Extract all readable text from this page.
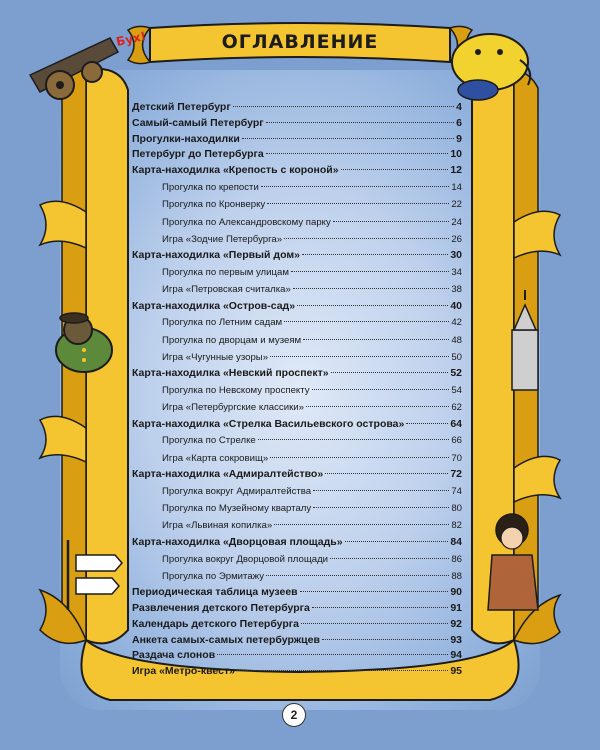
ОГЛАВЛЕНИЕ
Бух!
Детский Петербург	4
Самый-самый Петербург	6
Прогулки-находилки	9
Петербург до Петербурга	10
Карта-находилка «Крепость с короной»	12
Прогулка по крепости	14
Прогулка по Кронверку	22
Прогулка по Александровскому парку	24
Игра «Зодчие Петербурга»	26
Карта-находилка «Первый дом»	30
Прогулка по первым улицам	34
Игра «Петровская считалка»	38
Карта-находилка «Остров-сад»	40
Прогулка по Летним садам	42
Прогулка по дворцам и музеям	48
Игра «Чугунные узоры»	50
Карта-находилка «Невский проспект»	52
Прогулка по Невскому проспекту	54
Игра «Петербургские классики»	62
Карта-находилка «Стрелка Васильевского острова»	64
Прогулка по Стрелке	66
Игра «Карта сокровищ»	70
Карта-находилка «Адмиралтейство»	72
Прогулка вокруг Адмиралтейства	74
Прогулка по Музейному кварталу	80
Игра «Львиная копилка»	82
Карта-находилка «Дворцовая площадь»	84
Прогулка вокруг Дворцовой площади	86
Прогулка по Эрмитажу	88
Периодическая таблица музеев	90
Развлечения детского Петербурга	91
Календарь детского Петербурга	92
Анкета самых-самых петербуржцев	93
Раздача слонов	94
Игра «Метро-квест»	95
2
